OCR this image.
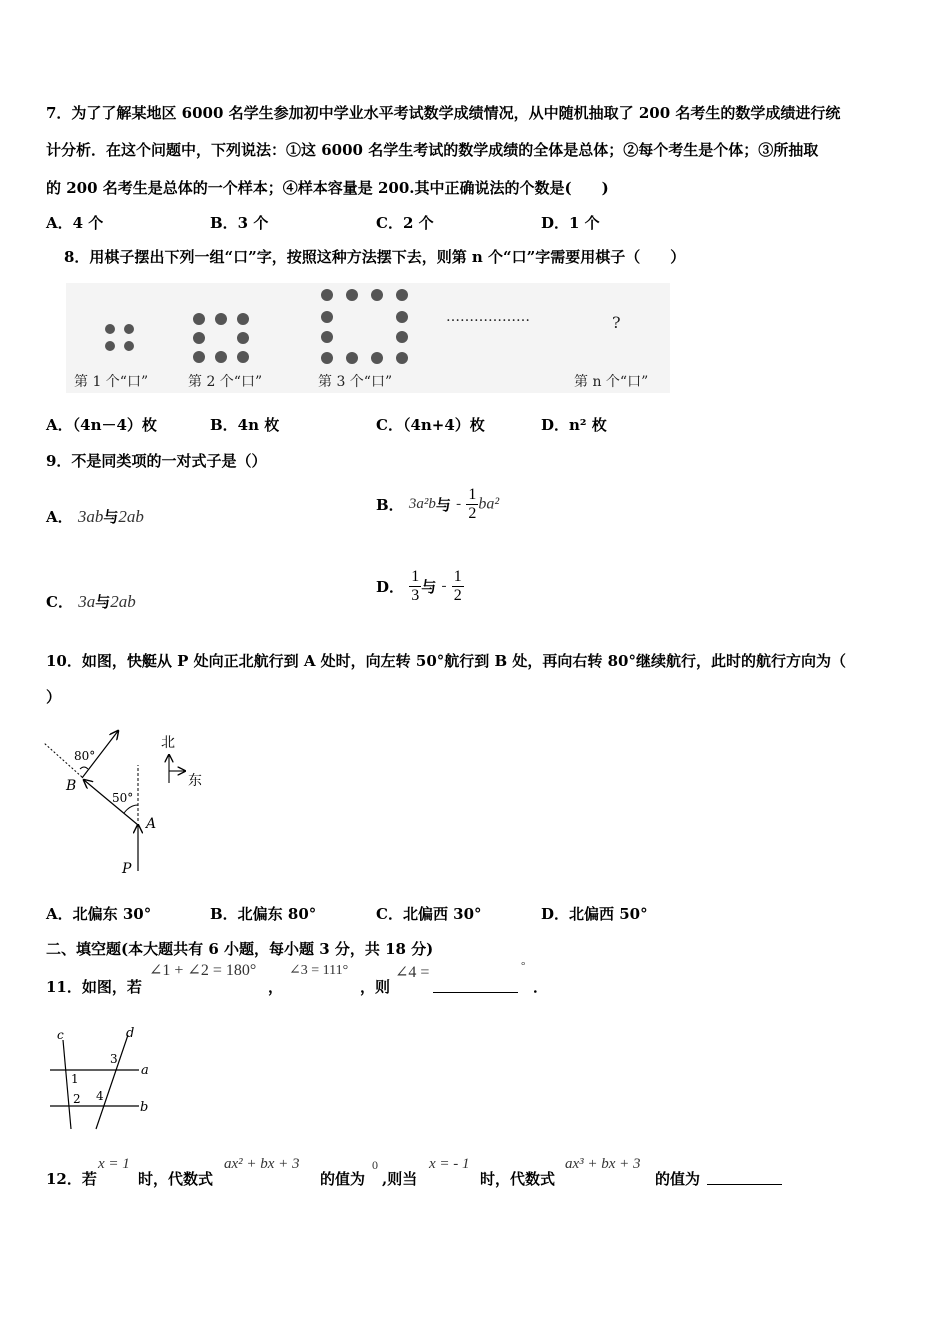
7．为了了解某地区 6000 名学生参加初中学业水平考试数学成绩情况，从中随机抽取了 200 名考生的数学成绩进行统
计分析．在这个问题中，下列说法：①这 6000 名学生考试的数学成绩的全体是总体；②每个考生是个体；③所抽取
的 200 名考生是总体的一个样本；④样本容量是 200.其中正确说法的个数是(　　)
A．4 个	B．3 个	C．2 个	D．1 个
8．用棋子摆出下列一组“口”字，按照这种方法摆下去，则第 n 个“口”字需要用棋子（　　）
………………	?
第 1 个“口”	第 2 个“口”	第 3 个“口”	第 n 个“口”
A．（4n－4）枚	B．4n 枚	C．（4n+4）枚	D．n² 枚
9．不是同类项的一对式子是（）
A． 3ab与2ab
B． 3a²b与 - $\frac{1}{2} ba^2$
C． 3a与2ab
D． $\frac{1}{3}$ 与 - $\frac{1}{2}$
10．如图，快艇从 P 处向正北航行到 A 处时，向左转 50°航行到 B 处，再向右转 80°继续航行，此时的航行方向为（
）
北
东
80°
50°
B
A
P
A．北偏东 30°	B．北偏东 80°	C．北偏西 30°	D．北偏西 50°
二、填空题(本大题共有 6 小题，每小题 3 分，共 18 分)
11．如图，若
∠1 + ∠2 = 180°
，
∠3 = 111°
，则
∠4 =	°
．
c	d
a
b
1
2
3
4
12．若
x = 1
时，代数式
ax² + bx + 3
的值为
0
,则当
x = - 1
时，代数式
ax³ + bx + 3
的值为
